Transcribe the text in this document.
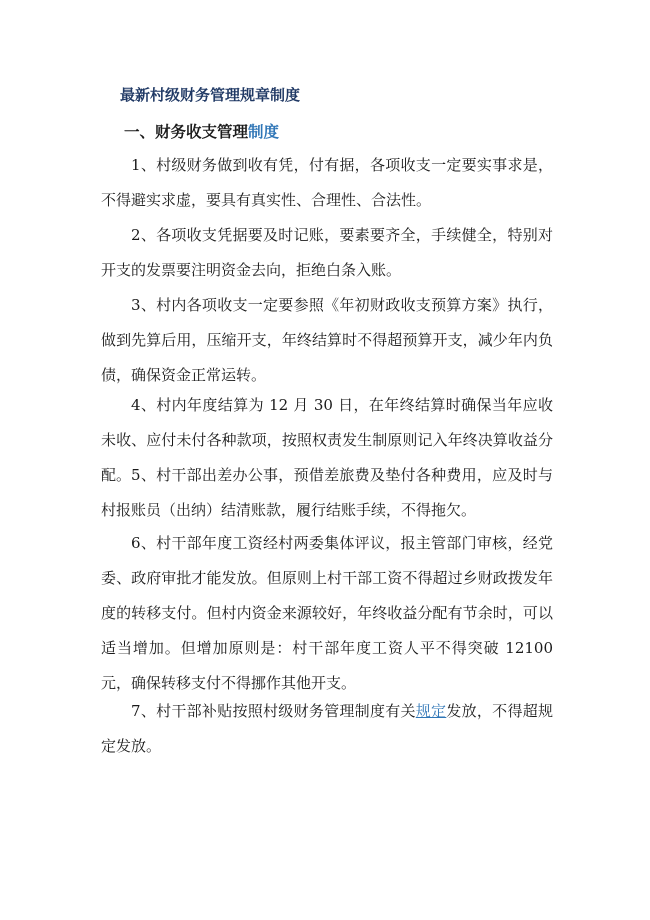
最新村级财务管理规章制度
一、财务收支管理制度

1、村级财务做到收有凭，付有据，各项收支一定要实事求是，不得避实求虚，要具有真实性、合理性、合法性。

2、各项收支凭据要及时记账，要素要齐全，手续健全，特别对开支的发票要注明资金去向，拒绝白条入账。

3、村内各项收支一定要参照《年初财政收支预算方案》执行，做到先算后用，压缩开支，年终结算时不得超预算开支，减少年内负债，确保资金正常运转。

4、村内年度结算为 12 月 30 日，在年终结算时确保当年应收未收、应付未付各种款项，按照权责发生制原则记入年终决算收益分配。 5、村干部出差办公事，预借差旅费及垫付各种费用，应及时与村报账员（出纳）结清账款，履行结账手续，不得拖欠。

6、村干部年度工资经村两委集体评议，报主管部门审核，经党委、政府审批才能发放。但原则上村干部工资不得超过乡财政拨发年度的转移支付。但村内资金来源较好，年终收益分配有节余时，可以适当增加。但增加原则是：村干部年度工资人平不得突破 12100 元，确保转移支付不得挪作其他开支。

7、村干部补贴按照村级财务管理制度有关规定发放，不得超规定发放。
